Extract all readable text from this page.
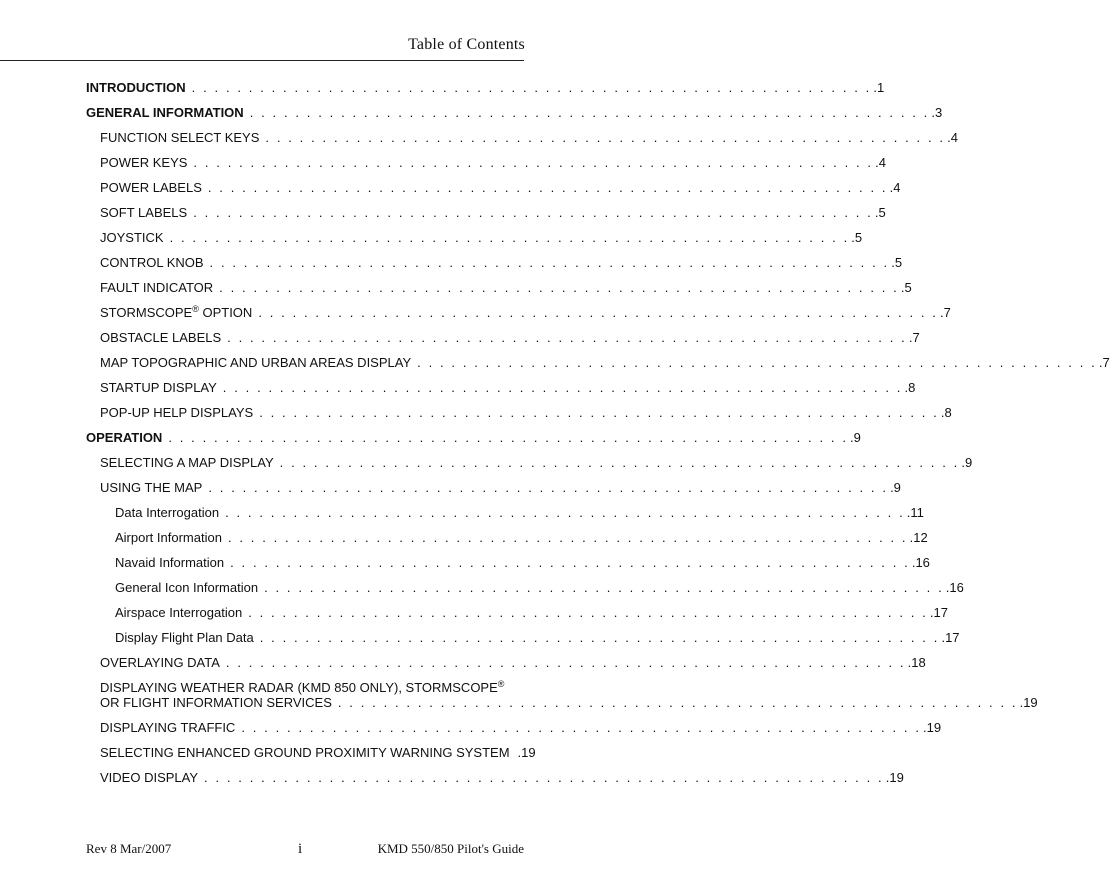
Table of Contents
INTRODUCTION . . . . . . . . . . . . . . . . . . . . . . . . . . . . . . . . . . . . . . . . . . . . . . . . . . . . . . . . . . . . .1
GENERAL INFORMATION . . . . . . . . . . . . . . . . . . . . . . . . . . . . . . . . . . . . . . . . . . . . . . . . . . . . . . . . . . . . .3
FUNCTION SELECT KEYS . . . . . . . . . . . . . . . . . . . . . . . . . . . . . . . . . . . . . . . . . . . . . . . . . . . . . . . . . . . . .4
POWER KEYS . . . . . . . . . . . . . . . . . . . . . . . . . . . . . . . . . . . . . . . . . . . . . . . . . . . . . . . . . . . . .4
POWER LABELS . . . . . . . . . . . . . . . . . . . . . . . . . . . . . . . . . . . . . . . . . . . . . . . . . . . . . . . . . . . . .4
SOFT LABELS . . . . . . . . . . . . . . . . . . . . . . . . . . . . . . . . . . . . . . . . . . . . . . . . . . . . . . . . . . . . .5
JOYSTICK . . . . . . . . . . . . . . . . . . . . . . . . . . . . . . . . . . . . . . . . . . . . . . . . . . . . . . . . . . . . .5
CONTROL KNOB . . . . . . . . . . . . . . . . . . . . . . . . . . . . . . . . . . . . . . . . . . . . . . . . . . . . . . . . . . . . .5
FAULT INDICATOR . . . . . . . . . . . . . . . . . . . . . . . . . . . . . . . . . . . . . . . . . . . . . . . . . . . . . . . . . . . . .5
STORMSCOPE® OPTION . . . . . . . . . . . . . . . . . . . . . . . . . . . . . . . . . . . . . . . . . . . . . . . . . . . . . . . . . . . . .7
OBSTACLE LABELS . . . . . . . . . . . . . . . . . . . . . . . . . . . . . . . . . . . . . . . . . . . . . . . . . . . . . . . . . . . . .7
MAP TOPOGRAPHIC AND URBAN AREAS DISPLAY . . . . . . . . . . . . . . . . . . . . . . . . . . . . . . . . . . . . . . . . . . . . . . . . . . . . . . . . . . . . .7
STARTUP DISPLAY . . . . . . . . . . . . . . . . . . . . . . . . . . . . . . . . . . . . . . . . . . . . . . . . . . . . . . . . . . . . .8
POP-UP HELP DISPLAYS . . . . . . . . . . . . . . . . . . . . . . . . . . . . . . . . . . . . . . . . . . . . . . . . . . . . . . . . . . . . .8
OPERATION . . . . . . . . . . . . . . . . . . . . . . . . . . . . . . . . . . . . . . . . . . . . . . . . . . . . . . . . . . . . .9
SELECTING A MAP DISPLAY . . . . . . . . . . . . . . . . . . . . . . . . . . . . . . . . . . . . . . . . . . . . . . . . . . . . . . . . . . . . .9
USING THE MAP . . . . . . . . . . . . . . . . . . . . . . . . . . . . . . . . . . . . . . . . . . . . . . . . . . . . . . . . . . . . .9
Data Interrogation . . . . . . . . . . . . . . . . . . . . . . . . . . . . . . . . . . . . . . . . . . . . . . . . . . . . . . . . . . . . .11
Airport Information . . . . . . . . . . . . . . . . . . . . . . . . . . . . . . . . . . . . . . . . . . . . . . . . . . . . . . . . . . . . .12
Navaid Information . . . . . . . . . . . . . . . . . . . . . . . . . . . . . . . . . . . . . . . . . . . . . . . . . . . . . . . . . . . . .16
General Icon Information . . . . . . . . . . . . . . . . . . . . . . . . . . . . . . . . . . . . . . . . . . . . . . . . . . . . . . . . . . . . .16
Airspace Interrogation . . . . . . . . . . . . . . . . . . . . . . . . . . . . . . . . . . . . . . . . . . . . . . . . . . . . . . . . . . . . .17
Display Flight Plan Data . . . . . . . . . . . . . . . . . . . . . . . . . . . . . . . . . . . . . . . . . . . . . . . . . . . . . . . . . . . . .17
OVERLAYING DATA . . . . . . . . . . . . . . . . . . . . . . . . . . . . . . . . . . . . . . . . . . . . . . . . . . . . . . . . . . . . .18
DISPLAYING WEATHER RADAR (KMD 850 ONLY), STORMSCOPE®
OR FLIGHT INFORMATION SERVICES . . . . . . . . . . . . . . . . . . . . . . . . . . . . . . . . . . . . . . . . . . . . . . . . . . . . . . . . . . . . .19
DISPLAYING TRAFFIC . . . . . . . . . . . . . . . . . . . . . . . . . . . . . . . . . . . . . . . . . . . . . . . . . . . . . . . . . . . . .19
SELECTING ENHANCED GROUND PROXIMITY WARNING SYSTEM .19
VIDEO DISPLAY . . . . . . . . . . . . . . . . . . . . . . . . . . . . . . . . . . . . . . . . . . . . . . . . . . . . . . . . . . . . .19
Rev 8 Mar/2007	i	KMD 550/850 Pilot's Guide
